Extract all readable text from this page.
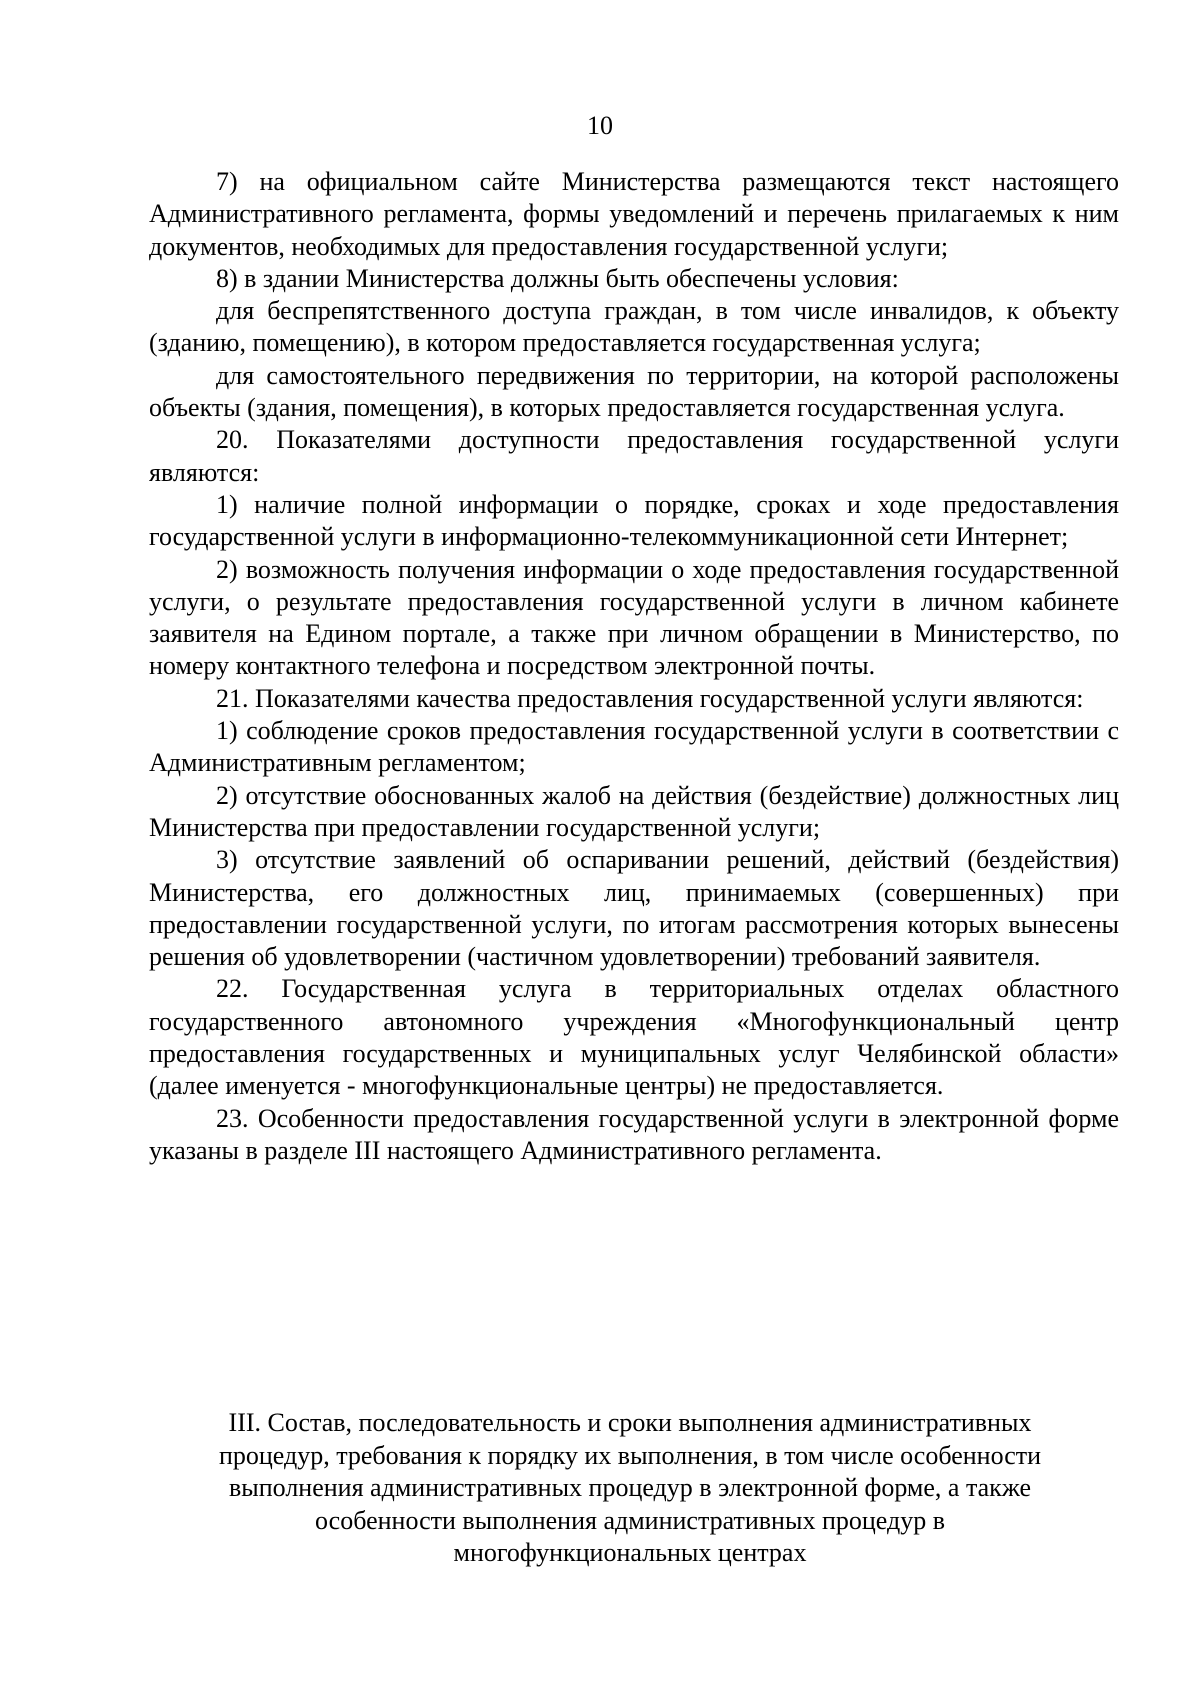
10

7) на официальном сайте Министерства размещаются текст настоящего Административного регламента, формы уведомлений и перечень прилагаемых к ним документов, необходимых для предоставления государственной услуги;

8) в здании Министерства должны быть обеспечены условия:

для беспрепятственного доступа граждан, в том числе инвалидов, к объекту (зданию, помещению), в котором предоставляется государственная услуга;

для самостоятельного передвижения по территории, на которой расположены объекты (здания, помещения), в которых предоставляется государственная услуга.

20. Показателями доступности предоставления государственной услуги являются:

1) наличие полной информации о порядке, сроках и ходе предоставления государственной услуги в информационно-телекоммуникационной сети Интернет;

2) возможность получения информации о ходе предоставления государственной услуги, о результате предоставления государственной услуги в личном кабинете заявителя на Едином портале, а также при личном обращении в Министерство, по номеру контактного телефона и посредством электронной почты.

21. Показателями качества предоставления государственной услуги являются:

1) соблюдение сроков предоставления государственной услуги в соответствии с Административным регламентом;

2) отсутствие обоснованных жалоб на действия (бездействие) должностных лиц Министерства при предоставлении государственной услуги;

3) отсутствие заявлений об оспаривании решений, действий (бездействия) Министерства, его должностных лиц, принимаемых (совершенных) при предоставлении государственной услуги, по итогам рассмотрения которых вынесены решения об удовлетворении (частичном удовлетворении) требований заявителя.

22. Государственная услуга в территориальных отделах областного государственного автономного учреждения «Многофункциональный центр предоставления государственных и муниципальных услуг Челябинской области» (далее именуется - многофункциональные центры) не предоставляется.

23. Особенности предоставления государственной услуги в электронной форме указаны в разделе III настоящего Административного регламента.

III. Состав, последовательность и сроки выполнения административных процедур, требования к порядку их выполнения, в том числе особенности выполнения административных процедур в электронной форме, а также особенности выполнения административных процедур в многофункциональных центрах
